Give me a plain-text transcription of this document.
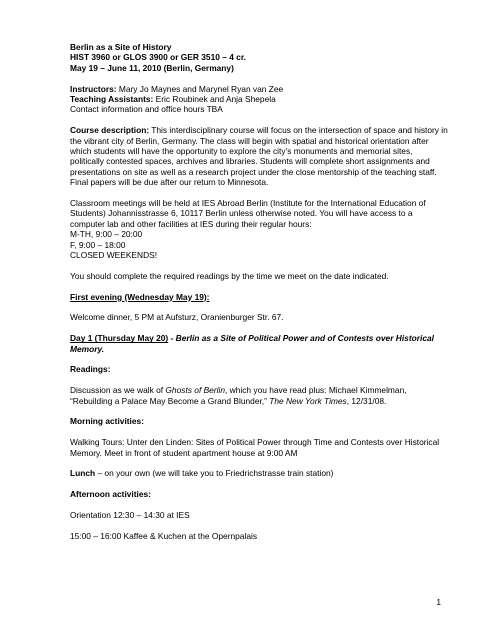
Berlin as a Site of History

HIST 3960 or GLOS 3900 or GER 3510 – 4 cr.

May 19 – June 11, 2010 (Berlin, Germany)

Instructors: Mary Jo Maynes and Marynel Ryan van Zee

Teaching Assistants: Eric Roubinek and Anja Shepela

Contact information and office hours TBA

Course description: This interdisciplinary course will focus on the intersection of space and history in the vibrant city of Berlin, Germany. The class will begin with spatial and historical orientation after which students will have the opportunity to explore the city’s monuments and memorial sites, politically contested spaces, archives and libraries. Students will complete short assignments and presentations on site as well as a research project under the close mentorship of the teaching staff. Final papers will be due after our return to Minnesota.

Classroom meetings will be held at IES Abroad Berlin (Institute for the International Education of Students) Johannisstrasse 6, 10117 Berlin unless otherwise noted. You will have access to a computer lab and other facilities at IES during their regular hours:

M-TH, 9:00 – 20:00

F, 9:00 – 18:00

CLOSED WEEKENDS!

You should complete the required readings by the time we meet on the date indicated.

First evening (Wednesday May 19):

Welcome dinner, 5 PM at Aufsturz, Oranienburger Str. 67.

Day 1 (Thursday May 20) - Berlin as a Site of Political Power and of Contests over Historical Memory.

Readings:

Discussion as we walk of Ghosts of Berlin, which you have read plus: Michael Kimmelman, “Rebuilding a Palace May Become a Grand Blunder,” The New York Times, 12/31/08.

Morning activities:

Walking Tours: Unter den Linden: Sites of Political Power through Time and Contests over Historical Memory. Meet in front of student apartment house at 9:00 AM

Lunch – on your own (we will take you to Friedrichstrasse train station)

Afternoon activities:

Orientation 12:30 – 14:30 at IES

15:00 – 16:00 Kaffee & Kuchen at the Opernpalais

1
